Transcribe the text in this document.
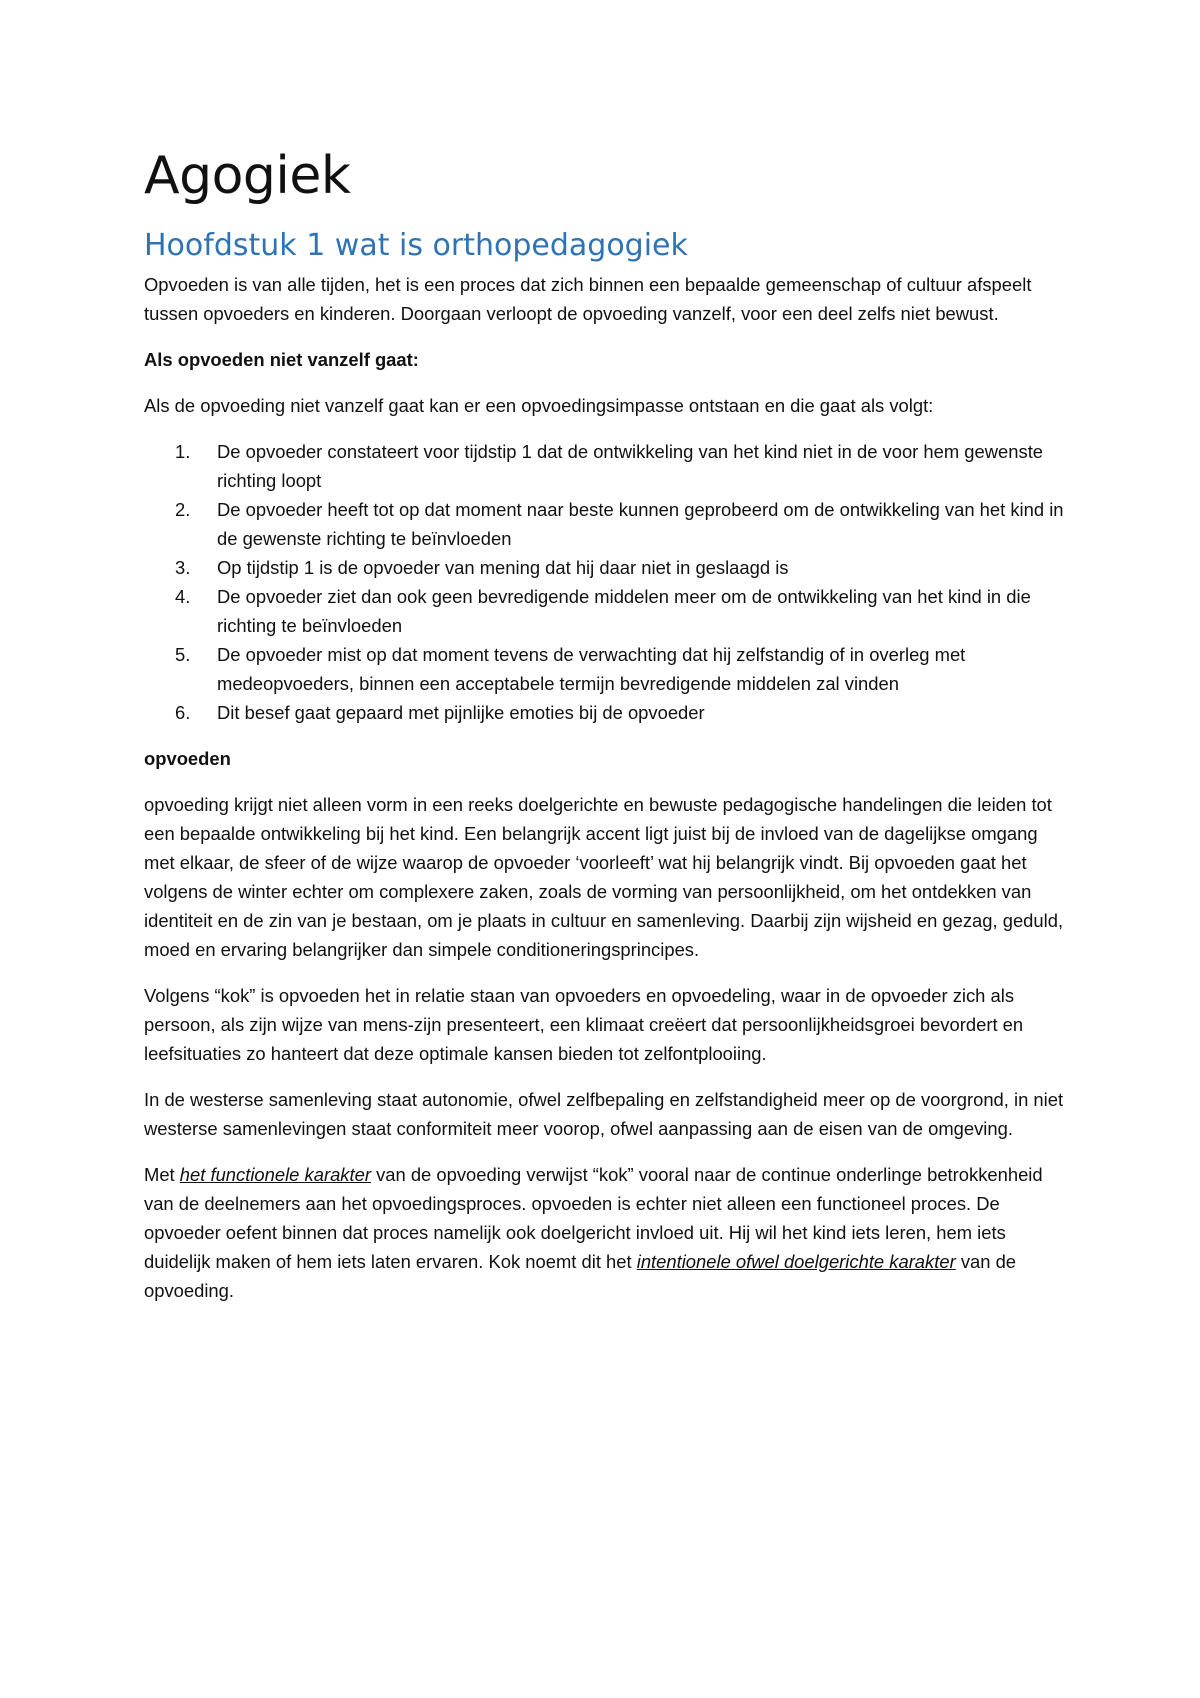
Agogiek
Hoofdstuk 1 wat is orthopedagogiek

Opvoeden is van alle tijden, het is een proces dat zich binnen een bepaalde gemeenschap of cultuur afspeelt tussen opvoeders en kinderen. Doorgaan verloopt de opvoeding vanzelf, voor een deel zelfs niet bewust.

Als opvoeden niet vanzelf gaat:

Als de opvoeding niet vanzelf gaat kan er een opvoedingsimpasse ontstaan en die gaat als volgt:

1.	De opvoeder constateert voor tijdstip 1 dat de ontwikkeling van het kind niet in de voor hem gewenste richting loopt
2.	De opvoeder heeft tot op dat moment naar beste kunnen geprobeerd om de ontwikkeling van het kind in de gewenste richting te beïnvloeden
3.	Op tijdstip 1 is de opvoeder van mening dat hij daar niet in geslaagd is
4.	De opvoeder ziet dan ook geen bevredigende middelen meer om de ontwikkeling van het kind in die richting te beïnvloeden
5.	De opvoeder mist op dat moment tevens de verwachting dat hij zelfstandig of in overleg met medeopvoeders, binnen een acceptabele termijn bevredigende middelen zal vinden
6.	Dit besef gaat gepaard met pijnlijke emoties bij de opvoeder

opvoeden

opvoeding krijgt niet alleen vorm in een reeks doelgerichte en bewuste pedagogische handelingen die leiden tot een bepaalde ontwikkeling bij het kind. Een belangrijk accent ligt juist bij de invloed van de dagelijkse omgang met elkaar, de sfeer of de wijze waarop de opvoeder ‘voorleeft’ wat hij belangrijk vindt. Bij opvoeden gaat het volgens de winter echter om complexere zaken, zoals de vorming van persoonlijkheid, om het ontdekken van identiteit en de zin van je bestaan, om je plaats in cultuur en samenleving. Daarbij zijn wijsheid en gezag, geduld, moed en ervaring belangrijker dan simpele conditioneringsprincipes.

Volgens “kok” is opvoeden het in relatie staan van opvoeders en opvoedeling, waar in de opvoeder zich als persoon, als zijn wijze van mens-zijn presenteert, een klimaat creëert dat persoonlijkheidsgroei bevordert en leefsituaties zo hanteert dat deze optimale kansen bieden tot zelfontplooiing.

In de westerse samenleving staat autonomie, ofwel zelfbepaling en zelfstandigheid meer op de voorgrond, in niet westerse samenlevingen staat conformiteit meer voorop, ofwel aanpassing aan de eisen van de omgeving.

Met het functionele karakter van de opvoeding verwijst “kok” vooral naar de continue onderlinge betrokkenheid van de deelnemers aan het opvoedingsproces. opvoeden is echter niet alleen een functioneel proces. De opvoeder oefent binnen dat proces namelijk ook doelgericht invloed uit. Hij wil het kind iets leren, hem iets duidelijk maken of hem iets laten ervaren. Kok noemt dit het intentionele ofwel doelgerichte karakter van de opvoeding.
